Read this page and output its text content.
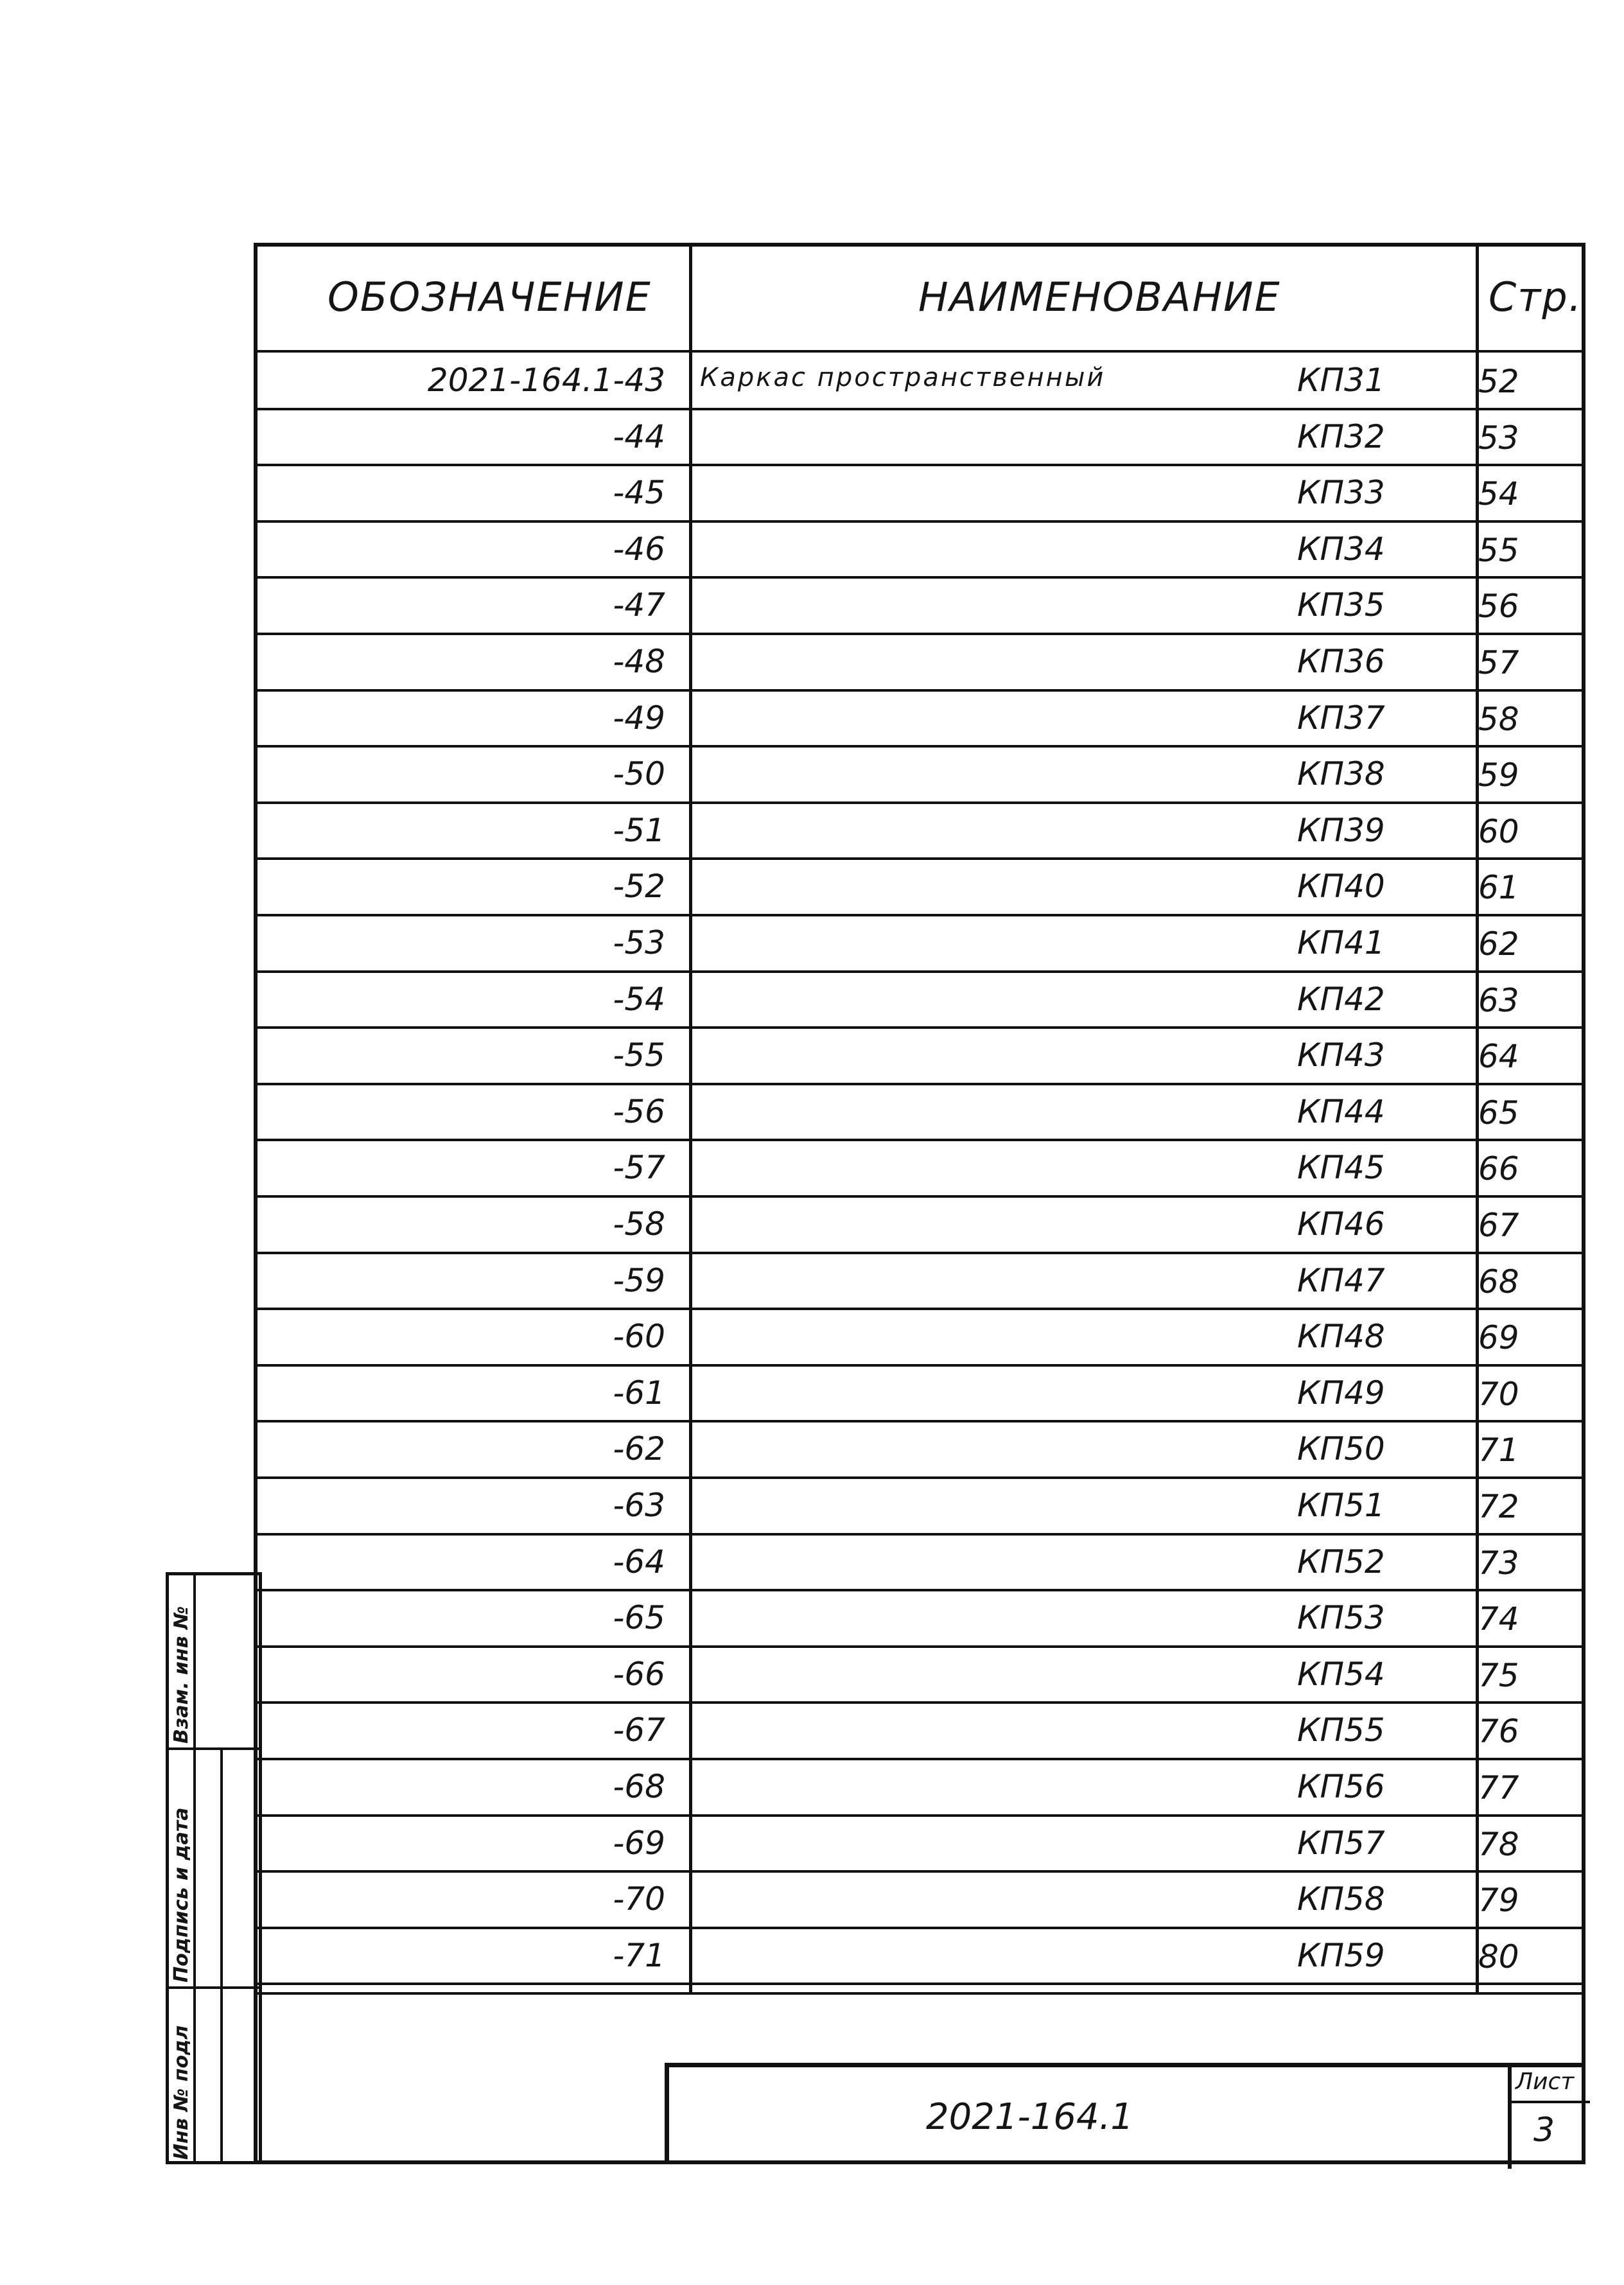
ОБОЗНАЧЕНИЕ	НАИМЕНОВАНИЕ	Стр.
2021-164.1-43 Каркас пространственный	КП31	52
-44	КП32	53
-45	КП33	54
-46	КП34	55
-47	КП35	56
-48	КП36	57
-49	КП37	58
-50	КП38	59
-51	КП39	60
-52	КП40	61
-53	КП41	62
-54	КП42	63
-55	КП43	64
-56	КП44	65
-57	КП45	66
-58	КП46	67
-59	КП47	68
-60	КП48	69
-61	КП49	70
-62	КП50	71
-63	КП51	72
-64	КП52	73
-65	КП53	74
-66	КП54	75
-67	КП55	76
-68	КП56	77
-69	КП57	78
-70	КП58	79
-71	КП59	80
Взам. инв №
Подпись и дата
Инв № подл	2021-164.1
Лист
3
